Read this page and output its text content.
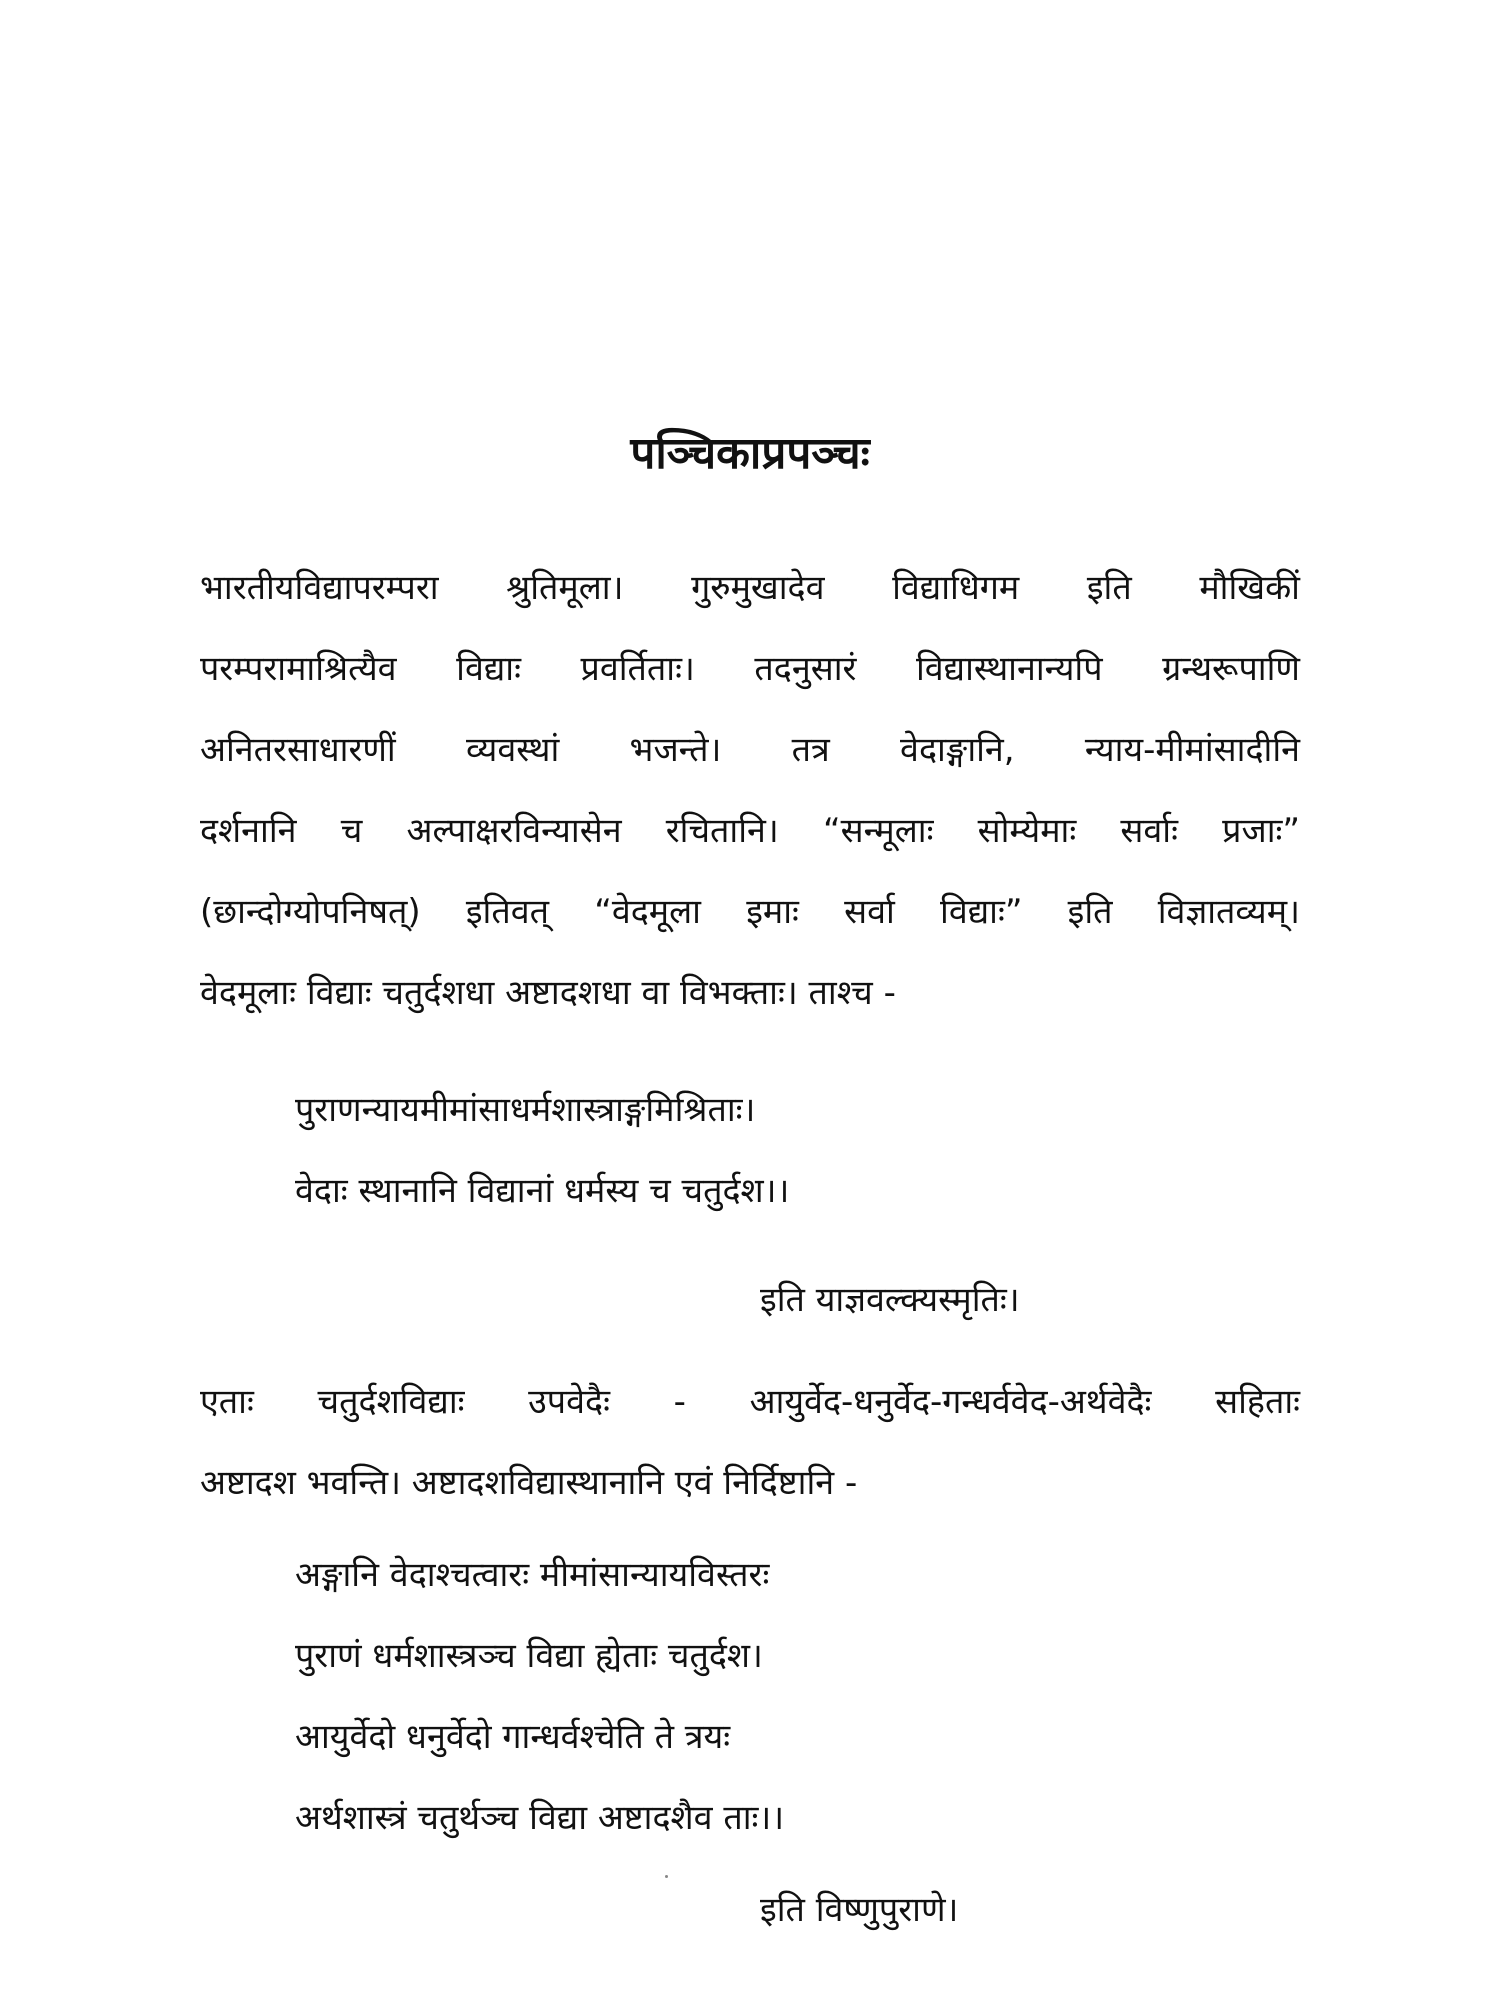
पञ्चिकाप्रपञ्चः
भारतीयविद्यापरम्परा श्रुतिमूला। गुरुमुखादेव विद्याधिगम इति मौखिकीं
परम्परामाश्रित्यैव विद्याः प्रवर्तिताः। तदनुसारं विद्यास्थानान्यपि ग्रन्थरूपाणि
अनितरसाधारणीं व्यवस्थां भजन्ते। तत्र वेदाङ्गानि, न्याय-मीमांसादीनि
दर्शनानि च अल्पाक्षरविन्यासेन रचितानि। “सन्मूलाः सोम्येमाः सर्वाः प्रजाः”
(छान्दोग्योपनिषत्) इतिवत् “वेदमूला इमाः सर्वा विद्याः” इति विज्ञातव्यम्।
वेदमूलाः विद्याः चतुर्दशधा अष्टादशधा वा विभक्ताः। ताश्च -
पुराणन्यायमीमांसाधर्मशास्त्राङ्गमिश्रिताः।
वेदाः स्थानानि विद्यानां धर्मस्य च चतुर्दश।।

इति याज्ञवल्क्यस्मृतिः।

एताः चतुर्दशविद्याः उपवेदैः - आयुर्वेद-धनुर्वेद-गन्धर्ववेद-अर्थवेदैः सहिताः
अष्टादश भवन्ति। अष्टादशविद्यास्थानानि एवं निर्दिष्टानि -
अङ्गानि वेदाश्चत्वारः मीमांसान्यायविस्तरः
पुराणं धर्मशास्त्रञ्च विद्या ह्येताः चतुर्दश।
आयुर्वेदो धनुर्वेदो गान्धर्वश्चेति ते त्रयः
अर्थशास्त्रं चतुर्थञ्च विद्या अष्टादशैव ताः।।

इति विष्णुपुराणे।
